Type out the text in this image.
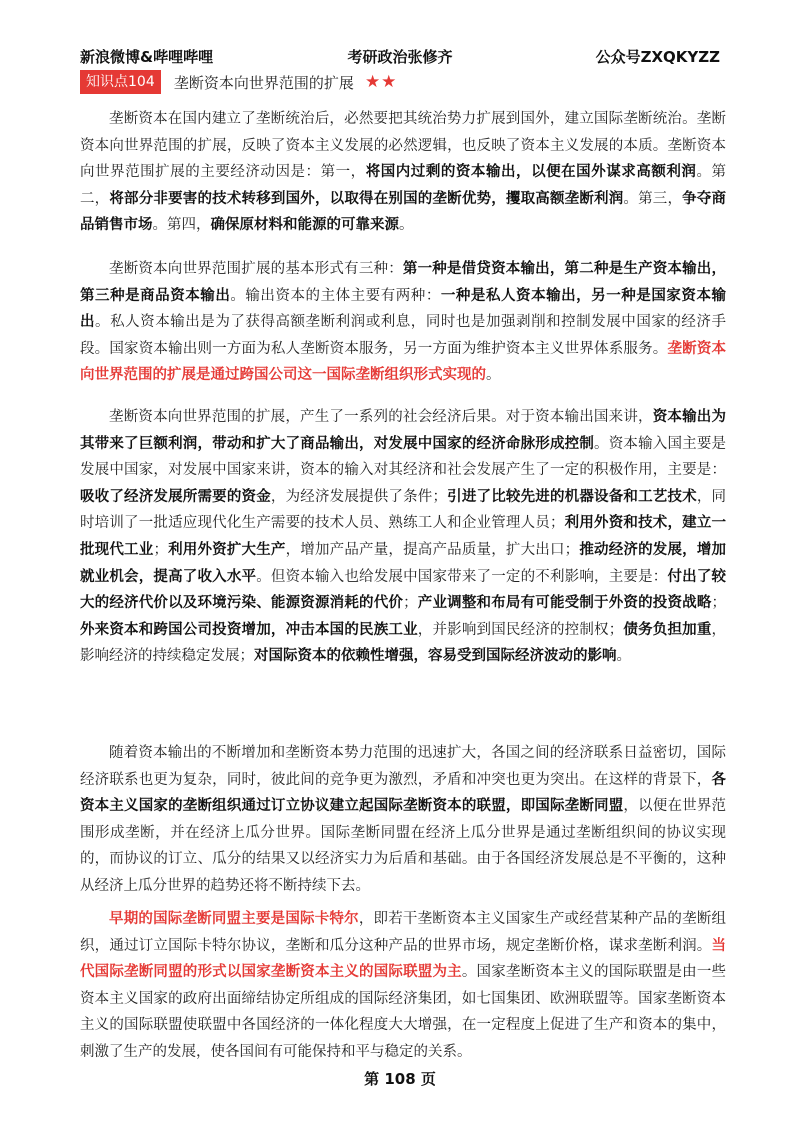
新浪微博&哔哩哔哩	考研政治张修齐	公众号ZXQKYZZ
知识点104 垄断资本向世界范围的扩展 ★★

垄断资本在国内建立了垄断统治后，必然要把其统治势力扩展到国外，建立国际垄断统治。垄断资本向世界范围的扩展，反映了资本主义发展的必然逻辑，也反映了资本主义发展的本质。垄断资本向世界范围扩展的主要经济动因是：第一，将国内过剩的资本输出，以便在国外谋求高额利润。第二，将部分非要害的技术转移到国外，以取得在别国的垄断优势，攫取高额垄断利润。第三，争夺商品销售市场。第四，确保原材料和能源的可靠来源。

垄断资本向世界范围扩展的基本形式有三种：第一种是借贷资本输出，第二种是生产资本输出，第三种是商品资本输出。输出资本的主体主要有两种：一种是私人资本输出，另一种是国家资本输出。私人资本输出是为了获得高额垄断利润或利息，同时也是加强剥削和控制发展中国家的经济手段。国家资本输出则一方面为私人垄断资本服务，另一方面为维护资本主义世界体系服务。垄断资本向世界范围的扩展是通过跨国公司这一国际垄断组织形式实现的。

垄断资本向世界范围的扩展，产生了一系列的社会经济后果。对于资本输出国来讲，资本输出为其带来了巨额利润，带动和扩大了商品输出，对发展中国家的经济命脉形成控制。资本输入国主要是发展中国家，对发展中国家来讲，资本的输入对其经济和社会发展产生了一定的积极作用，主要是：吸收了经济发展所需要的资金，为经济发展提供了条件；引进了比较先进的机器设备和工艺技术，同时培训了一批适应现代化生产需要的技术人员、熟练工人和企业管理人员；利用外资和技术，建立一批现代工业；利用外资扩大生产，增加产品产量，提高产品质量，扩大出口；推动经济的发展，增加就业机会，提高了收入水平。但资本输入也给发展中国家带来了一定的不利影响，主要是：付出了较大的经济代价以及环境污染、能源资源消耗的代价；产业调整和布局有可能受制于外资的投资战略；外来资本和跨国公司投资增加，冲击本国的民族工业，并影响到国民经济的控制权；债务负担加重，影响经济的持续稳定发展；对国际资本的依赖性增强，容易受到国际经济波动的影响。

随着资本输出的不断增加和垄断资本势力范围的迅速扩大，各国之间的经济联系日益密切，国际经济联系也更为复杂，同时，彼此间的竞争更为激烈，矛盾和冲突也更为突出。在这样的背景下，各资本主义国家的垄断组织通过订立协议建立起国际垄断资本的联盟，即国际垄断同盟，以便在世界范围形成垄断，并在经济上瓜分世界。国际垄断同盟在经济上瓜分世界是通过垄断组织间的协议实现的，而协议的订立、瓜分的结果又以经济实力为后盾和基础。由于各国经济发展总是不平衡的，这种从经济上瓜分世界的趋势还将不断持续下去。

早期的国际垄断同盟主要是国际卡特尔，即若干垄断资本主义国家生产或经营某种产品的垄断组织，通过订立国际卡特尔协议，垄断和瓜分这种产品的世界市场，规定垄断价格，谋求垄断利润。当代国际垄断同盟的形式以国家垄断资本主义的国际联盟为主。国家垄断资本主义的国际联盟是由一些资本主义国家的政府出面缔结协定所组成的国际经济集团，如七国集团、欧洲联盟等。国家垄断资本主义的国际联盟使联盟中各国经济的一体化程度大大增强，在一定程度上促进了生产和资本的集中，刺激了生产的发展，使各国间有可能保持和平与稳定的关系。

第 108 页
